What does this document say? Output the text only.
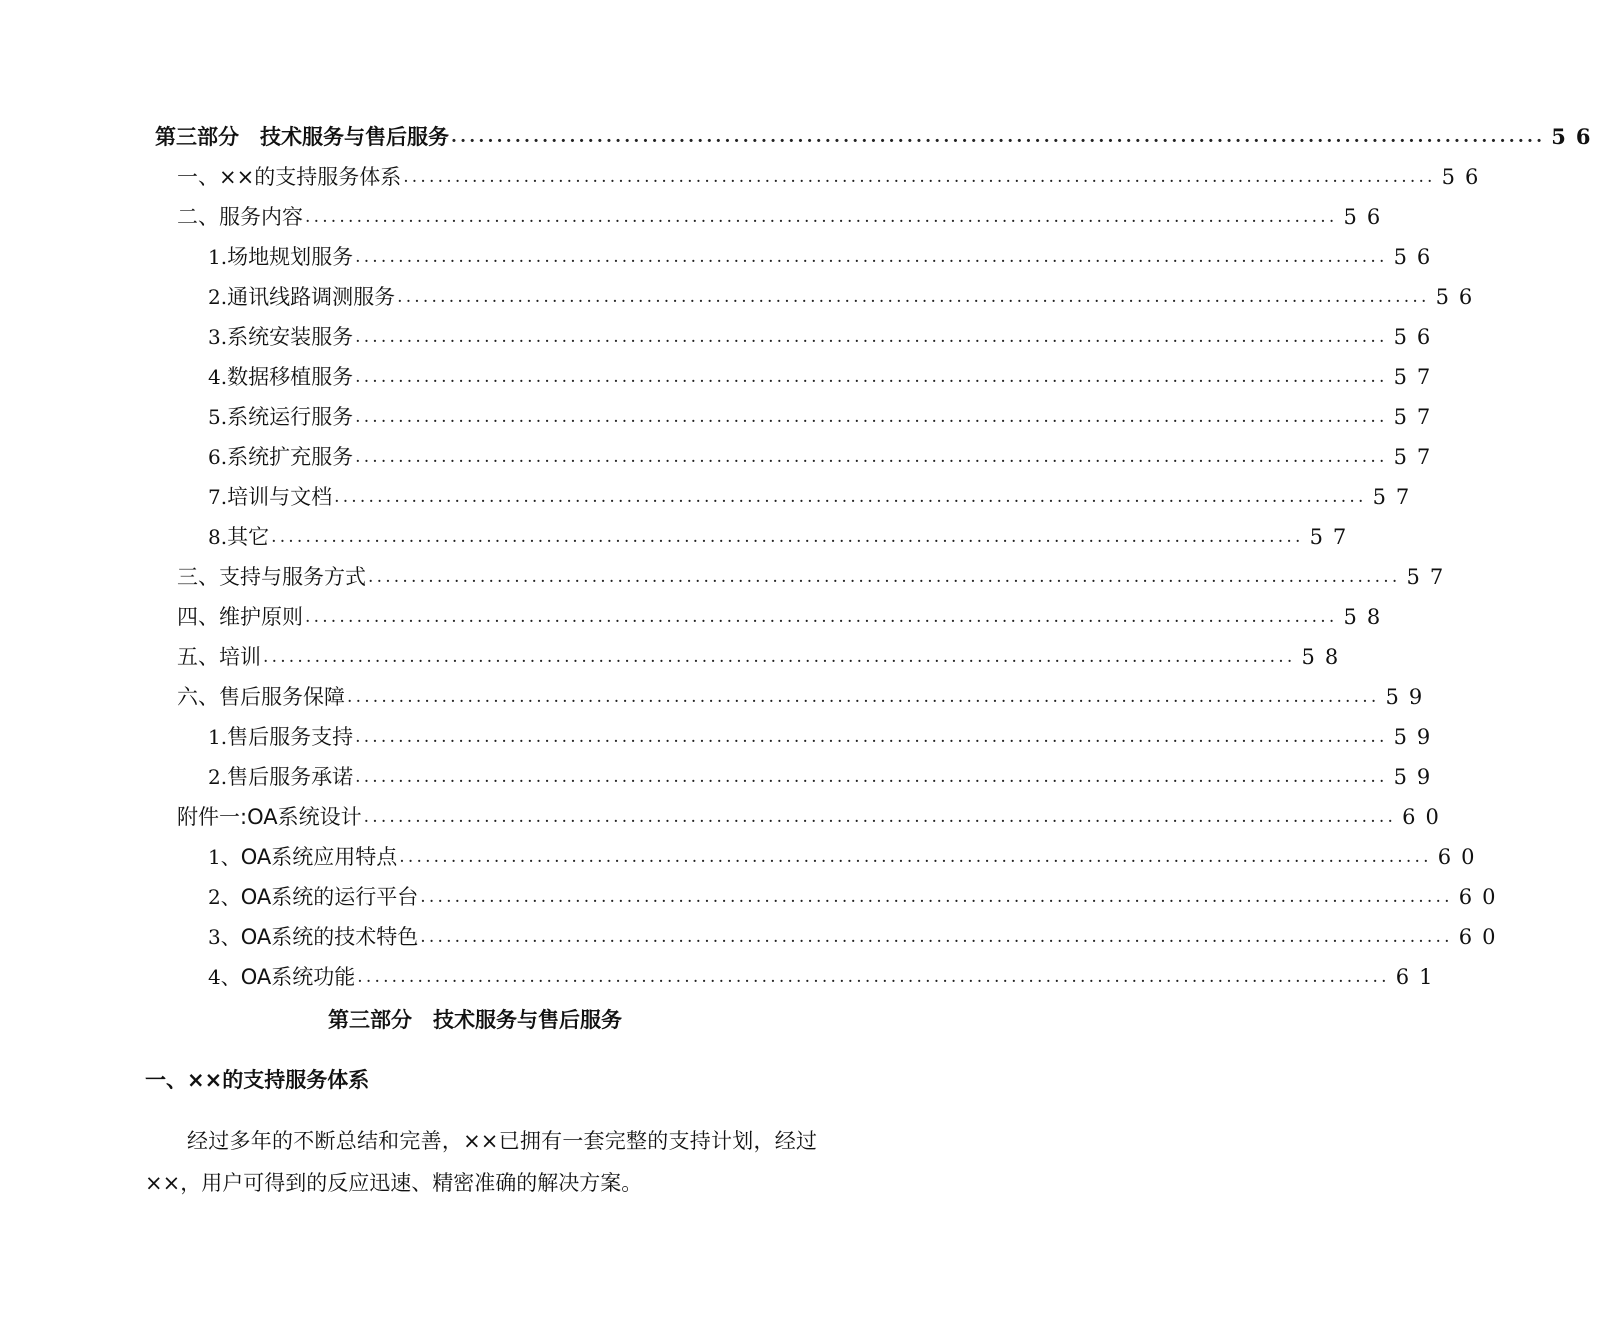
第三部分　技术服务与售后服务 ........................................................................................................................ 56
一、××的支持服务体系 ........................................................................................................................ 56
二、服务内容 ........................................................................................................................ 56
1. 场地规划服务 ........................................................................................................................ 56
2. 通讯线路调测服务 ........................................................................................................................ 56
3. 系统安装服务 ........................................................................................................................ 56
4. 数据移植服务 ........................................................................................................................ 57
5. 系统运行服务 ........................................................................................................................ 57
6. 系统扩充服务 ........................................................................................................................ 57
7. 培训与文档 ........................................................................................................................ 57
8. 其它 ........................................................................................................................ 57
三、支持与服务方式 ........................................................................................................................ 57
四、维护原则 ........................................................................................................................ 58
五、培训 ........................................................................................................................ 58
六、售后服务保障 ........................................................................................................................ 59
1. 售后服务支持 ........................................................................................................................ 59
2. 售后服务承诺 ........................................................................................................................ 59
附件一:OA系统设计 ........................................................................................................................ 60
1、 OA系统应用特点 ........................................................................................................................ 60
2、 OA系统的运行平台 ........................................................................................................................ 60
3、 OA系统的技术特色 ........................................................................................................................ 60
4、 OA系统功能 ........................................................................................................................ 61
第三部分　技术服务与售后服务
一、××的支持服务体系
经过多年的不断总结和完善，××已拥有一套完整的支持计划，经过××，用户可得到的反应迅速、精密准确的解决方案。
